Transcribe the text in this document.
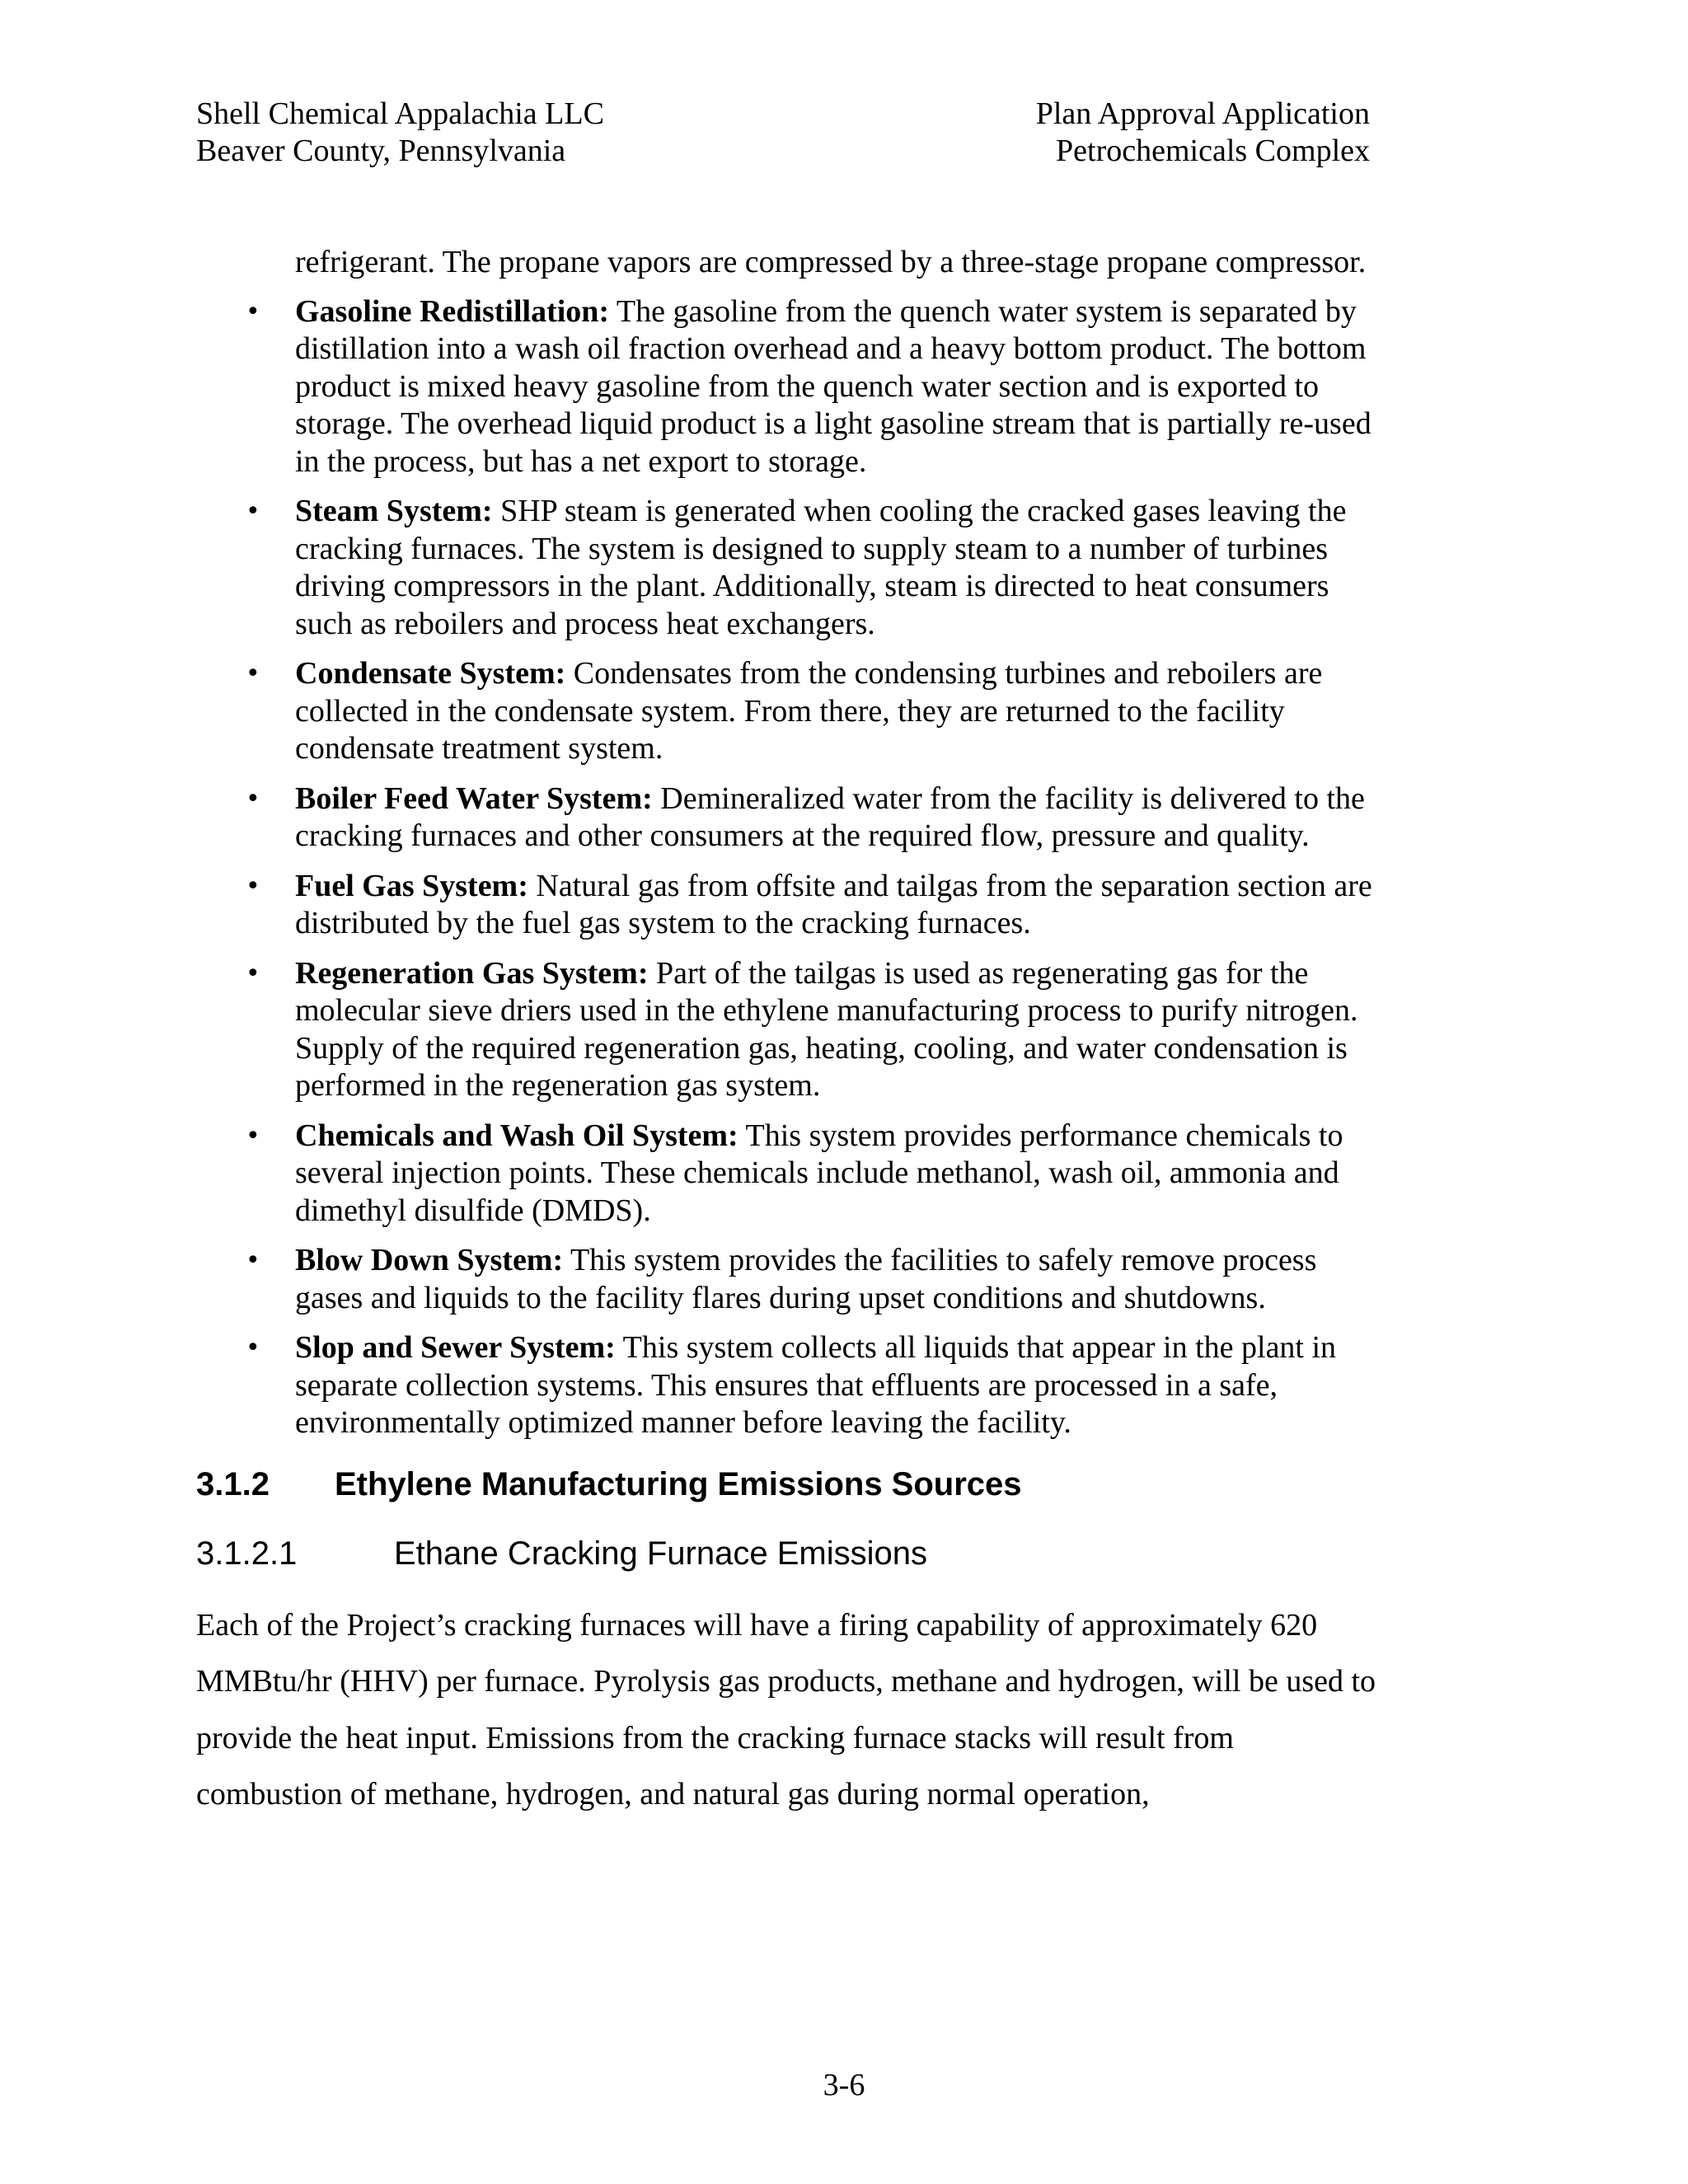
Shell Chemical Appalachia LLC
Beaver County, Pennsylvania
Plan Approval Application
Petrochemicals Complex

refrigerant. The propane vapors are compressed by a three-stage propane compressor.

• Gasoline Redistillation: The gasoline from the quench water system is separated by distillation into a wash oil fraction overhead and a heavy bottom product. The bottom product is mixed heavy gasoline from the quench water section and is exported to storage. The overhead liquid product is a light gasoline stream that is partially re-used in the process, but has a net export to storage.
• Steam System: SHP steam is generated when cooling the cracked gases leaving the cracking furnaces. The system is designed to supply steam to a number of turbines driving compressors in the plant. Additionally, steam is directed to heat consumers such as reboilers and process heat exchangers.
• Condensate System: Condensates from the condensing turbines and reboilers are collected in the condensate system. From there, they are returned to the facility condensate treatment system.
• Boiler Feed Water System: Demineralized water from the facility is delivered to the cracking furnaces and other consumers at the required flow, pressure and quality.
• Fuel Gas System: Natural gas from offsite and tailgas from the separation section are distributed by the fuel gas system to the cracking furnaces.
• Regeneration Gas System: Part of the tailgas is used as regenerating gas for the molecular sieve driers used in the ethylene manufacturing process to purify nitrogen. Supply of the required regeneration gas, heating, cooling, and water condensation is performed in the regeneration gas system.
• Chemicals and Wash Oil System: This system provides performance chemicals to several injection points. These chemicals include methanol, wash oil, ammonia and dimethyl disulfide (DMDS).
• Blow Down System: This system provides the facilities to safely remove process gases and liquids to the facility flares during upset conditions and shutdowns.
• Slop and Sewer System: This system collects all liquids that appear in the plant in separate collection systems. This ensures that effluents are processed in a safe, environmentally optimized manner before leaving the facility.
3.1.2 Ethylene Manufacturing Emissions Sources
3.1.2.1	Ethane Cracking Furnace Emissions

Each of the Project’s cracking furnaces will have a firing capability of approximately 620 MMBtu/hr (HHV) per furnace. Pyrolysis gas products, methane and hydrogen, will be used to provide the heat input. Emissions from the cracking furnace stacks will result from combustion of methane, hydrogen, and natural gas during normal operation,

3-6
